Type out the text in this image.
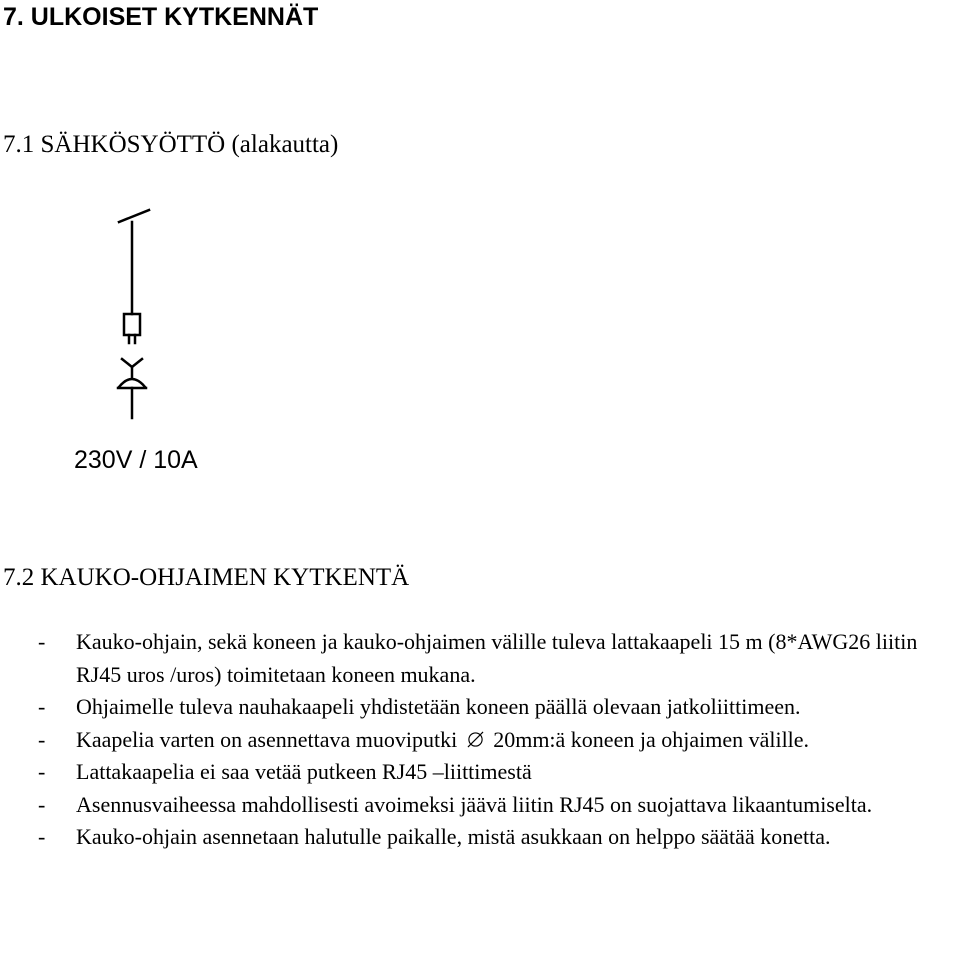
7. ULKOISET KYTKENNÄT
7.1 SÄHKÖSYÖTTÖ (alakautta)
230V / 10A
7.2 KAUKO-OHJAIMEN KYTKENTÄ
- Kauko-ohjain, sekä koneen ja kauko-ohjaimen välille tuleva lattakaapeli 15 m (8*AWG26 liitin RJ45 uros /uros) toimitetaan koneen mukana.
- Ohjaimelle tuleva nauhakaapeli yhdistetään koneen päällä olevaan jatkoliittimeen.
- Kaapelia varten on asennettava muoviputki 20mm:ä koneen ja ohjaimen välille.
- Lattakaapelia ei saa vetää putkeen RJ45 –liittimestä
- Asennusvaiheessa mahdollisesti avoimeksi jäävä liitin RJ45 on suojattava likaantumiselta.
- Kauko-ohjain asennetaan halutulle paikalle, mistä asukkaan on helppo säätää konetta.
